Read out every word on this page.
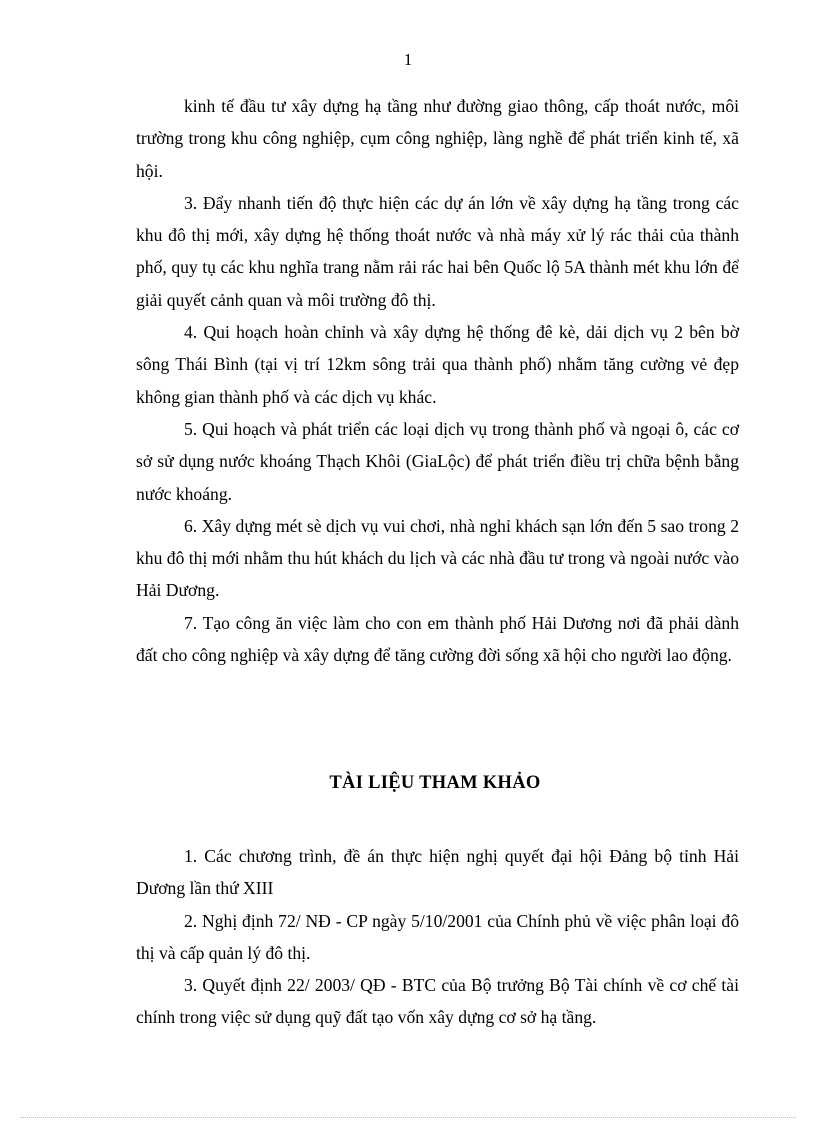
1

kinh tế đầu tư xây dựng hạ tầng như đường giao thông, cấp thoát nước, môi trường trong khu công nghiệp, cụm công nghiệp, làng nghề để phát triển kinh tế, xã hội.

3. Đẩy nhanh tiến độ thực hiện các dự án lớn về xây dựng hạ tầng trong các khu đô thị mới, xây dựng hệ thống thoát nước và nhà máy xử lý rác thải của thành phố, quy tụ các khu nghĩa trang nằm rải rác hai bên Quốc lộ 5A thành mét khu lớn để giải quyết cảnh quan và môi trường đô thị.

4. Qui hoạch hoàn chỉnh và xây dựng hệ thống đê kè, dải dịch vụ 2 bên bờ sông Thái Bình (tại vị trí 12km sông trải qua thành phố) nhằm tăng cường vẻ đẹp không gian thành phố và các dịch vụ khác.

5. Qui hoạch và phát triển các loại dịch vụ trong thành phố và ngoại ô, các cơ sở sử dụng nước khoáng Thạch Khôi (GiaLộc) để phát triển điều trị chữa bệnh bằng nước khoáng.

6. Xây dựng mét sè dịch vụ vui chơi, nhà nghỉ khách sạn lớn đến 5 sao trong 2 khu đô thị mới nhằm thu hút khách du lịch và các nhà đầu tư trong và ngoài nước vào Hải Dương.

7. Tạo công ăn việc làm cho con em thành phố Hải Dương nơi đã phải dành đất cho công nghiệp và xây dựng để tăng cường đời sống xã hội cho người lao động.

TÀI LIỆU THAM KHẢO

1. Các chương trình, đề án thực hiện nghị quyết đại hội Đảng bộ tỉnh Hải Dương lần thứ XIII

2. Nghị định 72/ NĐ - CP ngày 5/10/2001 của Chính phủ về việc phân loại đô thị và cấp quản lý đô thị.

3. Quyết định 22/ 2003/ QĐ - BTC của Bộ trưởng Bộ Tài chính về cơ chế tài chính trong việc sử dụng quỹ đất tạo vốn xây dựng cơ sở hạ tầng.
